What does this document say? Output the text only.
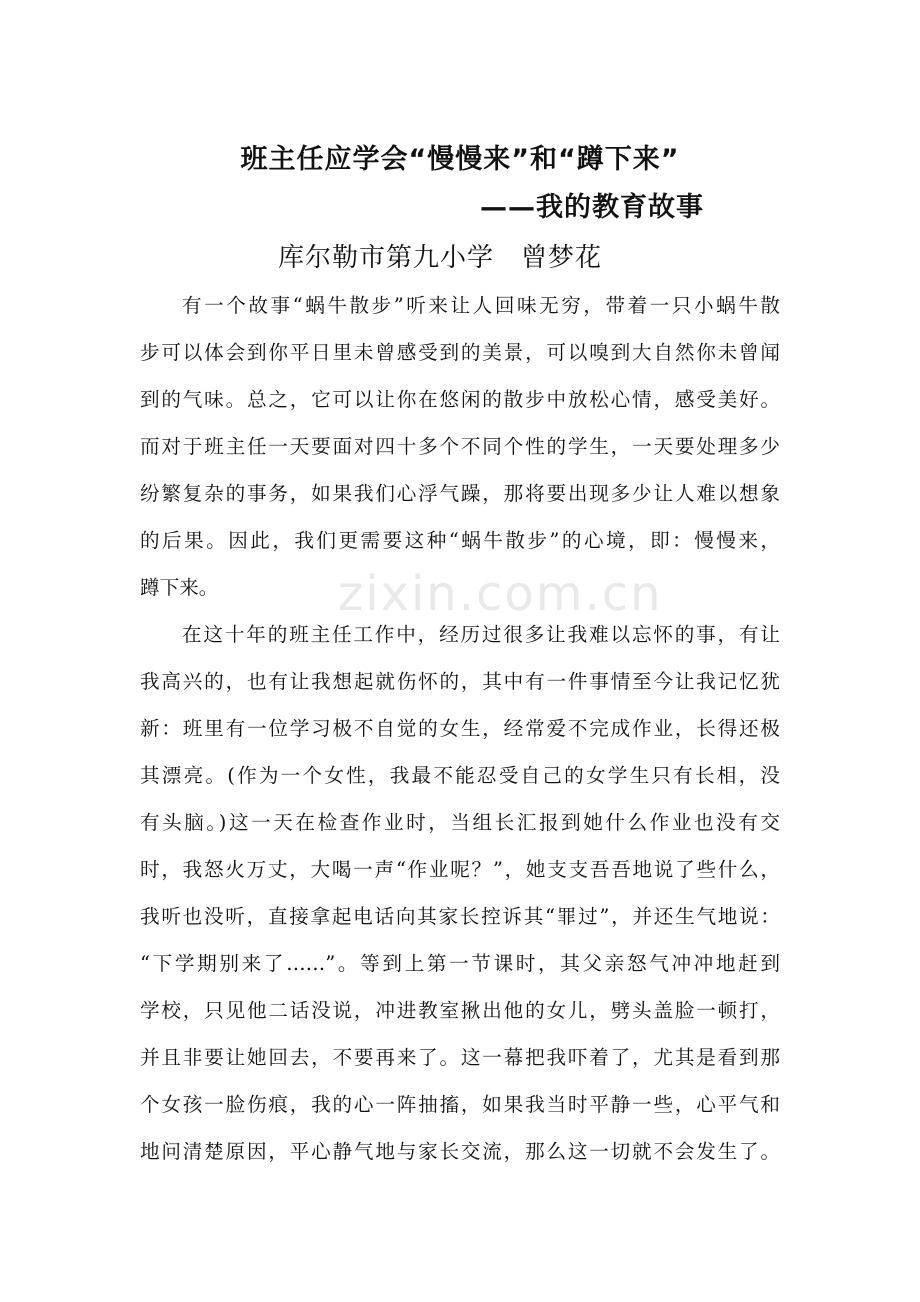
zixin.com.cn
班主任应学会“慢慢来”和“蹲下来”
——我的教育故事
库尔勒市第九小学　曾梦花
有一个故事“蜗牛散步”听来让人回味无穷，带着一只小蜗牛散
步可以体会到你平日里未曾感受到的美景，可以嗅到大自然你未曾闻
到的气味。总之，它可以让你在悠闲的散步中放松心情，感受美好。
而对于班主任一天要面对四十多个不同个性的学生，一天要处理多少
纷繁复杂的事务，如果我们心浮气躁，那将要出现多少让人难以想象
的后果。因此，我们更需要这种“蜗牛散步”的心境，即：慢慢来，
蹲下来。
在这十年的班主任工作中，经历过很多让我难以忘怀的事，有让
我高兴的，也有让我想起就伤怀的，其中有一件事情至今让我记忆犹
新：班里有一位学习极不自觉的女生，经常爱不完成作业，长得还极
其漂亮。(作为一个女性，我最不能忍受自己的女学生只有长相，没
有头脑。)这一天在检查作业时，当组长汇报到她什么作业也没有交
时，我怒火万丈，大喝一声“作业呢？”，她支支吾吾地说了些什么，
我听也没听，直接拿起电话向其家长控诉其“罪过”，并还生气地说：
“下学期别来了……”。等到上第一节课时，其父亲怒气冲冲地赶到
学校，只见他二话没说，冲进教室揪出他的女儿，劈头盖脸一顿打，
并且非要让她回去，不要再来了。这一幕把我吓着了，尤其是看到那
个女孩一脸伤痕，我的心一阵抽搐，如果我当时平静一些，心平气和
地问清楚原因，平心静气地与家长交流，那么这一切就不会发生了。
